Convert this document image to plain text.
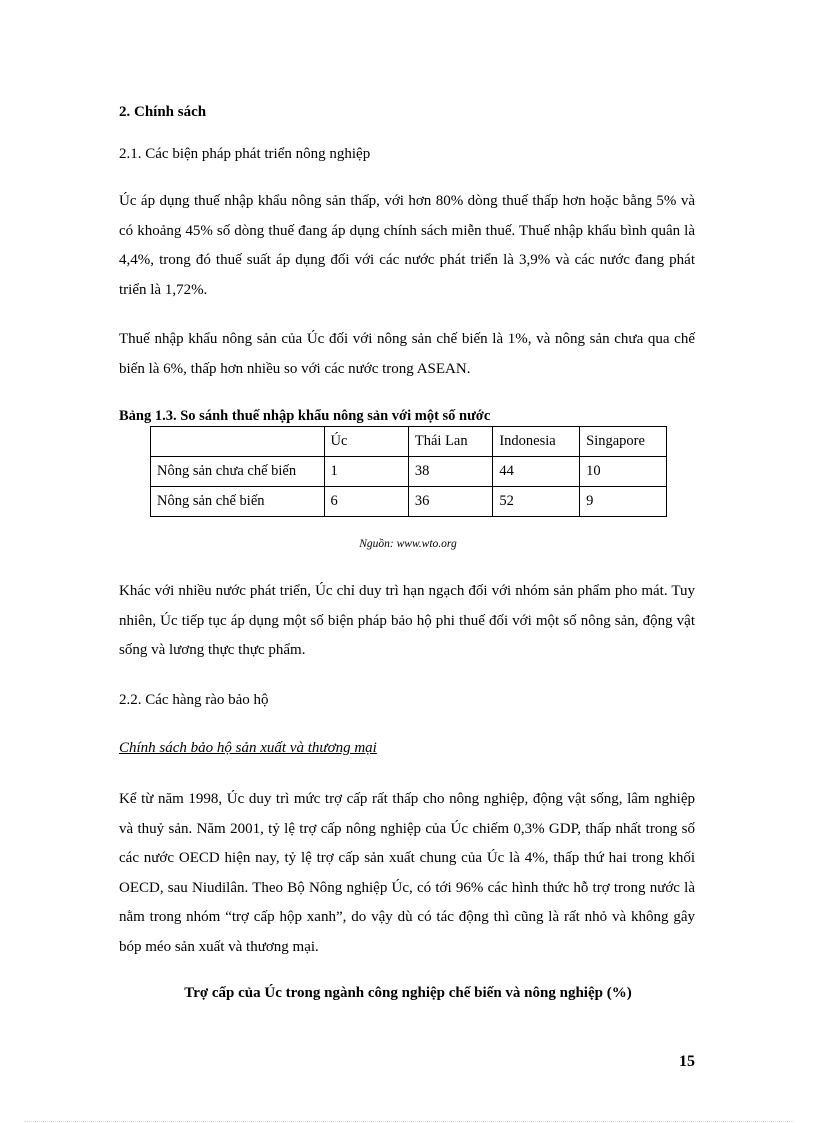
2. Chính sách
2.1. Các biện pháp phát triển nông nghiệp
Úc áp dụng thuế nhập khẩu nông sản thấp, với hơn 80% dòng thuế thấp hơn hoặc bằng 5% và có khoảng 45% số dòng thuế đang áp dụng chính sách miễn thuế. Thuế nhập khẩu bình quân là 4,4%, trong đó thuế suất áp dụng đối với các nước phát triển là 3,9% và các nước đang phát triển là 1,72%.
Thuế nhập khẩu nông sản của Úc đối với nông sản chế biến là 1%, và nông sản chưa qua chế biến là 6%, thấp hơn nhiều so với các nước trong ASEAN.
Bảng 1.3. So sánh thuế nhập khẩu nông sản với một số nước
	Úc	Thái Lan	Indonesia	Singapore
Nông sản chưa chế biến	1	38	44	10
Nông sản chế biến	6	36	52	9
Nguồn: www.wto.org
Khác với nhiều nước phát triển, Úc chỉ duy trì hạn ngạch đối với nhóm sản phẩm pho mát. Tuy nhiên, Úc tiếp tục áp dụng một số biện pháp bảo hộ phi thuế đối với một số nông sản, động vật sống và lương thực thực phẩm.
2.2. Các hàng rào bảo hộ
Chính sách bảo hộ sản xuất và thương mại
Kể từ năm 1998, Úc duy trì mức trợ cấp rất thấp cho nông nghiệp, động vật sống, lâm nghiệp và thuỷ sản. Năm 2001, tỷ lệ trợ cấp nông nghiệp của Úc chiếm 0,3% GDP, thấp nhất trong số các nước OECD hiện nay, tỷ lệ trợ cấp sản xuất chung của Úc là 4%, thấp thứ hai trong khối OECD, sau Niudilân. Theo Bộ Nông nghiệp Úc, có tới 96% các hình thức hỗ trợ trong nước là nằm trong nhóm “trợ cấp hộp xanh”, do vậy dù có tác động thì cũng là rất nhỏ và không gây bóp méo sản xuất và thương mại.
Trợ cấp của Úc trong ngành công nghiệp chế biến và nông nghiệp (%)
15
